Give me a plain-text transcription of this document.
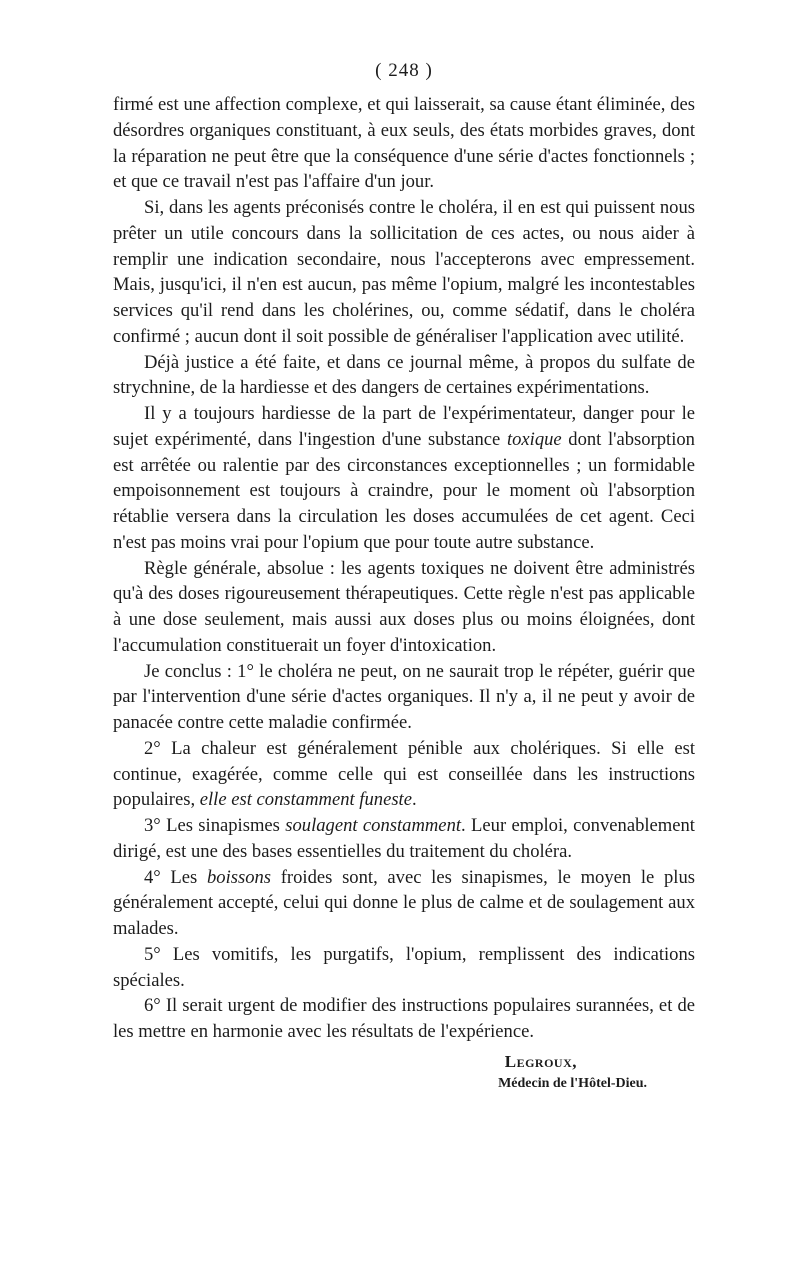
( 248 )

firmé est une affection complexe, et qui laisserait, sa cause étant éliminée, des désordres organiques constituant, à eux seuls, des états morbides graves, dont la réparation ne peut être que la conséquence d'une série d'actes fonctionnels ; et que ce travail n'est pas l'affaire d'un jour.

Si, dans les agents préconisés contre le choléra, il en est qui puissent nous prêter un utile concours dans la sollicitation de ces actes, ou nous aider à remplir une indication secondaire, nous l'accepterons avec empressement. Mais, jusqu'ici, il n'en est aucun, pas même l'opium, malgré les incontestables services qu'il rend dans les cholérines, ou, comme sédatif, dans le choléra confirmé ; aucun dont il soit possible de généraliser l'application avec utilité.

Déjà justice a été faite, et dans ce journal même, à propos du sulfate de strychnine, de la hardiesse et des dangers de certaines expérimentations.

Il y a toujours hardiesse de la part de l'expérimentateur, danger pour le sujet expérimenté, dans l'ingestion d'une substance toxique dont l'absorption est arrêtée ou ralentie par des circonstances exceptionnelles ; un formidable empoisonnement est toujours à craindre, pour le moment où l'absorption rétablie versera dans la circulation les doses accumulées de cet agent. Ceci n'est pas moins vrai pour l'opium que pour toute autre substance.

Règle générale, absolue : les agents toxiques ne doivent être administrés qu'à des doses rigoureusement thérapeutiques. Cette règle n'est pas applicable à une dose seulement, mais aussi aux doses plus ou moins éloignées, dont l'accumulation constituerait un foyer d'intoxication.

Je conclus : 1° le choléra ne peut, on ne saurait trop le répéter, guérir que par l'intervention d'une série d'actes organiques. Il n'y a, il ne peut y avoir de panacée contre cette maladie confirmée.

2° La chaleur est généralement pénible aux cholériques. Si elle est continue, exagérée, comme celle qui est conseillée dans les instructions populaires, elle est constamment funeste.

3° Les sinapismes soulagent constamment. Leur emploi, convenablement dirigé, est une des bases essentielles du traitement du choléra.

4° Les boissons froides sont, avec les sinapismes, le moyen le plus généralement accepté, celui qui donne le plus de calme et de soulagement aux malades.

5° Les vomitifs, les purgatifs, l'opium, remplissent des indications spéciales.

6° Il serait urgent de modifier des instructions populaires surannées, et de les mettre en harmonie avec les résultats de l'expérience.

Legroux,
Médecin de l'Hôtel-Dieu.
